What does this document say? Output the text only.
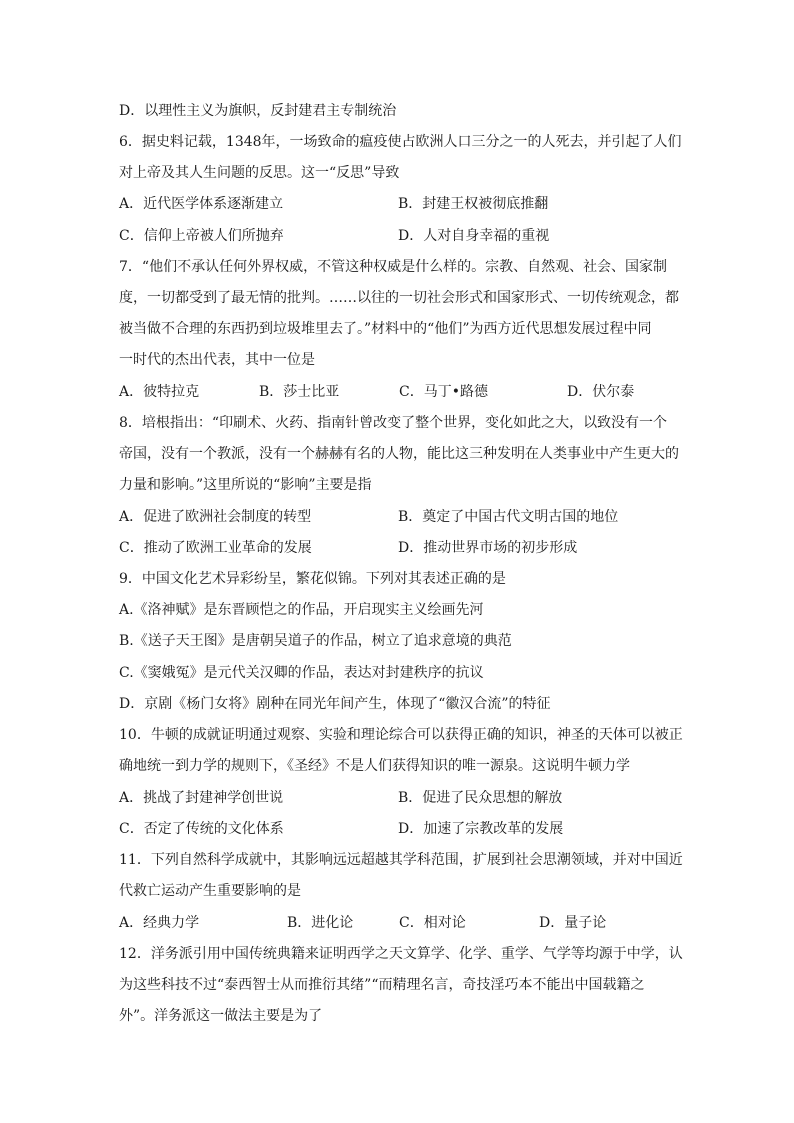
D．以理性主义为旗帜，反封建君主专制统治
6．据史料记载，1348年，一场致命的瘟疫使占欧洲人口三分之一的人死去，并引起了人们
对上帝及其人生问题的反思。这一“反思”导致
A．近代医学体系逐渐建立	B．封建王权被彻底推翻
C．信仰上帝被人们所抛弃	D．人对自身幸福的重视
7．“他们不承认任何外界权威，不管这种权威是什么样的。宗教、自然观、社会、国家制
度，一切都受到了最无情的批判。……以往的一切社会形式和国家形式、一切传统观念，都
被当做不合理的东西扔到垃圾堆里去了。”材料中的“他们”为西方近代思想发展过程中同
一时代的杰出代表，其中一位是
A．彼特拉克	B．莎士比亚	C．马丁•路德	D．伏尔泰
8．培根指出：“印刷术、火药、指南针曾改变了整个世界，变化如此之大，以致没有一个
帝国，没有一个教派，没有一个赫赫有名的人物，能比这三种发明在人类事业中产生更大的
力量和影响。”这里所说的“影响”主要是指
A．促进了欧洲社会制度的转型	B．奠定了中国古代文明古国的地位
C．推动了欧洲工业革命的发展	D．推动世界市场的初步形成
9．中国文化艺术异彩纷呈，繁花似锦。下列对其表述正确的是
A.《洛神赋》是东晋顾恺之的作品，开启现实主义绘画先河
B.《送子天王图》是唐朝吴道子的作品，树立了追求意境的典范
C.《窦娥冤》是元代关汉卿的作品，表达对封建秩序的抗议
D．京剧《杨门女将》剧种在同光年间产生，体现了“徽汉合流”的特征
10．牛顿的成就证明通过观察、实验和理论综合可以获得正确的知识，神圣的天体可以被正
确地统一到力学的规则下，《圣经》不是人们获得知识的唯一源泉。这说明牛顿力学
A．挑战了封建神学创世说	B．促进了民众思想的解放
C．否定了传统的文化体系	D．加速了宗教改革的发展
11．下列自然科学成就中，其影响远远超越其学科范围，扩展到社会思潮领域，并对中国近
代救亡运动产生重要影响的是
A．经典力学	B．进化论	C．相对论	D．量子论
12．洋务派引用中国传统典籍来证明西学之天文算学、化学、重学、气学等均源于中学，认
为这些科技不过“泰西智士从而推衍其绪”“而精理名言，奇技淫巧本不能出中国载籍之
外”。洋务派这一做法主要是为了
